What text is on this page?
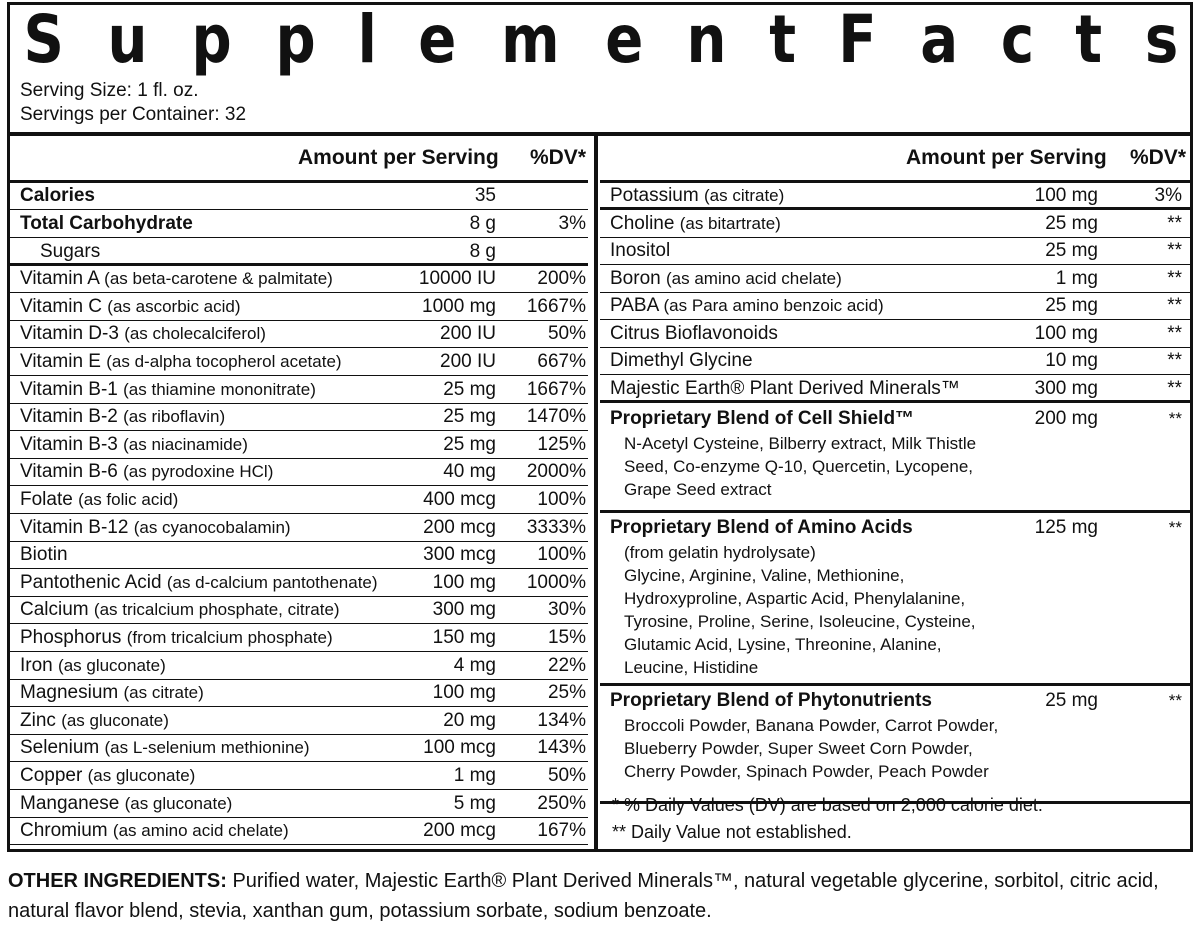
S u p p l e m e n t F a c t s
Serving Size: 1 fl. oz.
Servings per Container: 32
Amount per Serving %DV*
Calories	35
Total Carbohydrate	8 g	3%
Sugars	8 g
Vitamin A (as beta-carotene & palmitate)	10000 IU 200%
Vitamin C (as ascorbic acid)	1000 mg 1667%
Vitamin D-3 (as cholecalciferol)	200 IU	50%
Vitamin E (as d-alpha tocopherol acetate)	200 IU 667%
Vitamin B-1 (as thiamine mononitrate)	25 mg 1667%
Vitamin B-2 (as riboflavin)	25 mg 1470%
Vitamin B-3 (as niacinamide)	25 mg 125%
Vitamin B-6 (as pyrodoxine HCl)	40 mg 2000%
Folate (as folic acid)	400 mcg 100%
Vitamin B-12 (as cyanocobalamin)	200 mcg 3333%
Biotin	300 mcg 100%
Pantothenic Acid (as d-calcium pantothenate)	100 mg 1000%
Calcium (as tricalcium phosphate, citrate)	300 mg	30%
Phosphorus (from tricalcium phosphate)	150 mg	15%
Iron (as gluconate)	4 mg	22%
Magnesium (as citrate)	100 mg	25%
Zinc (as gluconate)	20 mg 134%
Selenium (as L-selenium methionine)	100 mcg 143%
Copper (as gluconate)	1 mg	50%
Manganese (as gluconate)	5 mg 250%
Chromium (as amino acid chelate)	200 mcg 167%
Amount per Serving %DV*
Potassium (as citrate)	100 mg	3%
Choline (as bitartrate)	25 mg	**
Inositol	25 mg	**
Boron (as amino acid chelate)	1 mg	**
PABA (as Para amino benzoic acid)	25 mg	**
Citrus Bioflavonoids	100 mg	**
Dimethyl Glycine	10 mg	**
Majestic Earth® Plant Derived Minerals™	300 mg	**
Proprietary Blend of Cell Shield™	200 mg	**
N-Acetyl Cysteine, Bilberry extract, Milk Thistle
Seed, Co-enzyme Q-10, Quercetin, Lycopene,
Grape Seed extract
Proprietary Blend of Amino Acids	125 mg	**
(from gelatin hydrolysate)
Glycine, Arginine, Valine, Methionine,
Hydroxyproline, Aspartic Acid, Phenylalanine,
Tyrosine, Proline, Serine, Isoleucine, Cysteine,
Glutamic Acid, Lysine, Threonine, Alanine,
Leucine, Histidine
Proprietary Blend of Phytonutrients	25 mg	**
Broccoli Powder, Banana Powder, Carrot Powder,
Blueberry Powder, Super Sweet Corn Powder,
Cherry Powder, Spinach Powder, Peach Powder
* % Daily Values (DV) are based on 2,000 calorie diet.
** Daily Value not established.
OTHER INGREDIENTS: Purified water, Majestic Earth® Plant Derived Minerals™, natural vegetable glycerine, sorbitol, citric acid, natural flavor blend, stevia, xanthan gum, potassium sorbate, sodium benzoate.
